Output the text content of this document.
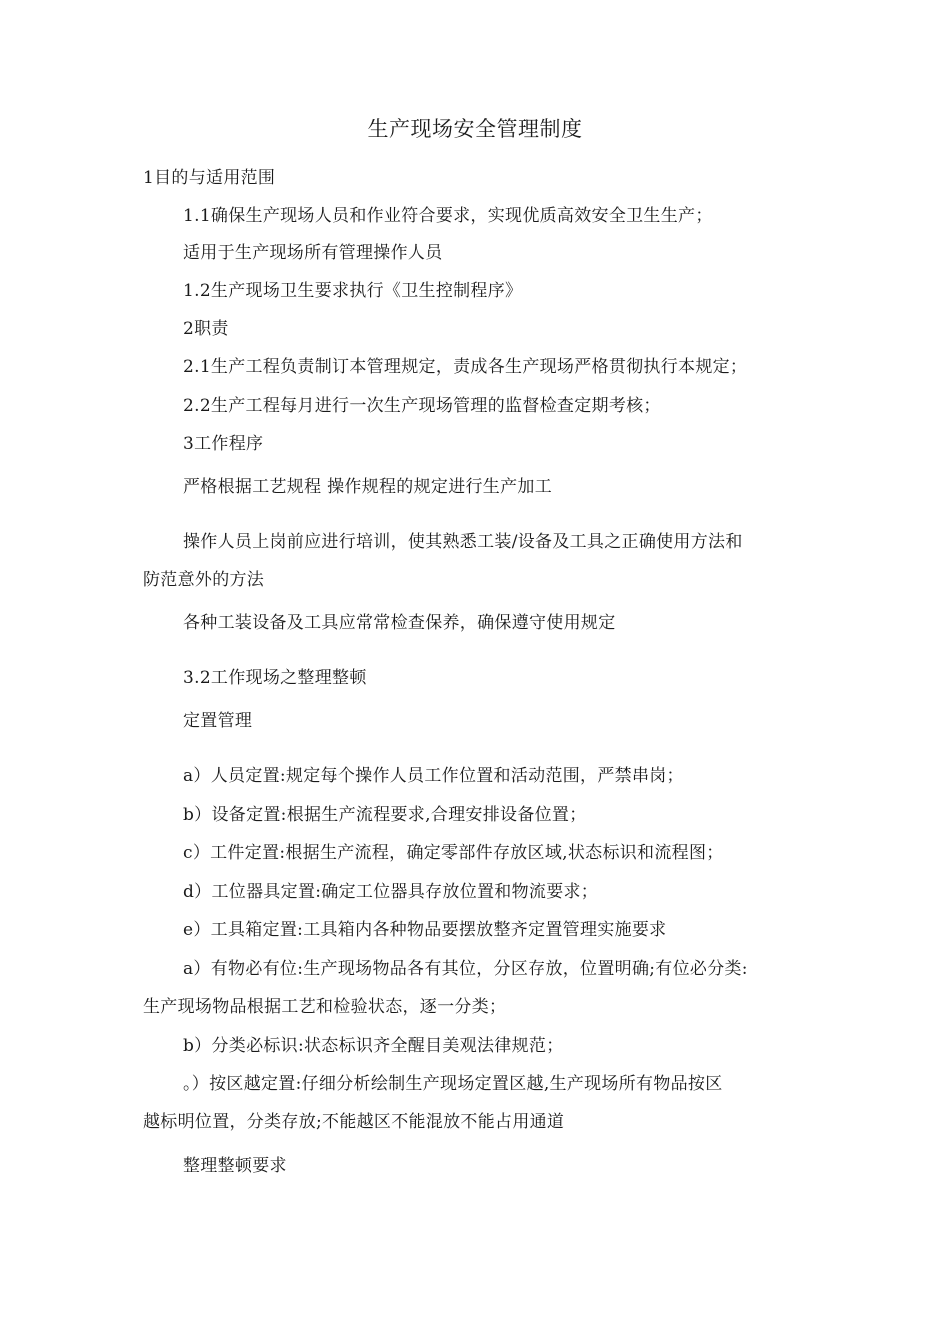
生产现场安全管理制度
1目的与适用范围
1.1确保生产现场人员和作业符合要求，实现优质高效安全卫生生产；
适用于生产现场所有管理操作人员
1.2生产现场卫生要求执行《卫生控制程序》
2职责
2.1生产工程负责制订本管理规定，责成各生产现场严格贯彻执行本规定；
2.2生产工程每月进行一次生产现场管理的监督检查定期考核；
3工作程序
严格根据工艺规程 操作规程的规定进行生产加工
操作人员上岗前应进行培训，使其熟悉工装/设备及工具之正确使用方法和
防范意外的方法
各种工装设备及工具应常常检查保养，确保遵守使用规定
3.2工作现场之整理整顿
定置管理
a）人员定置:规定每个操作人员工作位置和活动范围，严禁串岗；
b）设备定置:根据生产流程要求,合理安排设备位置；
c）工件定置:根据生产流程，确定零部件存放区域,状态标识和流程图；
d）工位器具定置:确定工位器具存放位置和物流要求；
e）工具箱定置:工具箱内各种物品要摆放整齐定置管理实施要求
a）有物必有位:生产现场物品各有其位，分区存放，位置明确;有位必分类:
生产现场物品根据工艺和检验状态，逐一分类；
b）分类必标识:状态标识齐全醒目美观法律规范；
。）按区越定置:仔细分析绘制生产现场定置区越,生产现场所有物品按区
越标明位置，分类存放;不能越区不能混放不能占用通道
整理整顿要求
